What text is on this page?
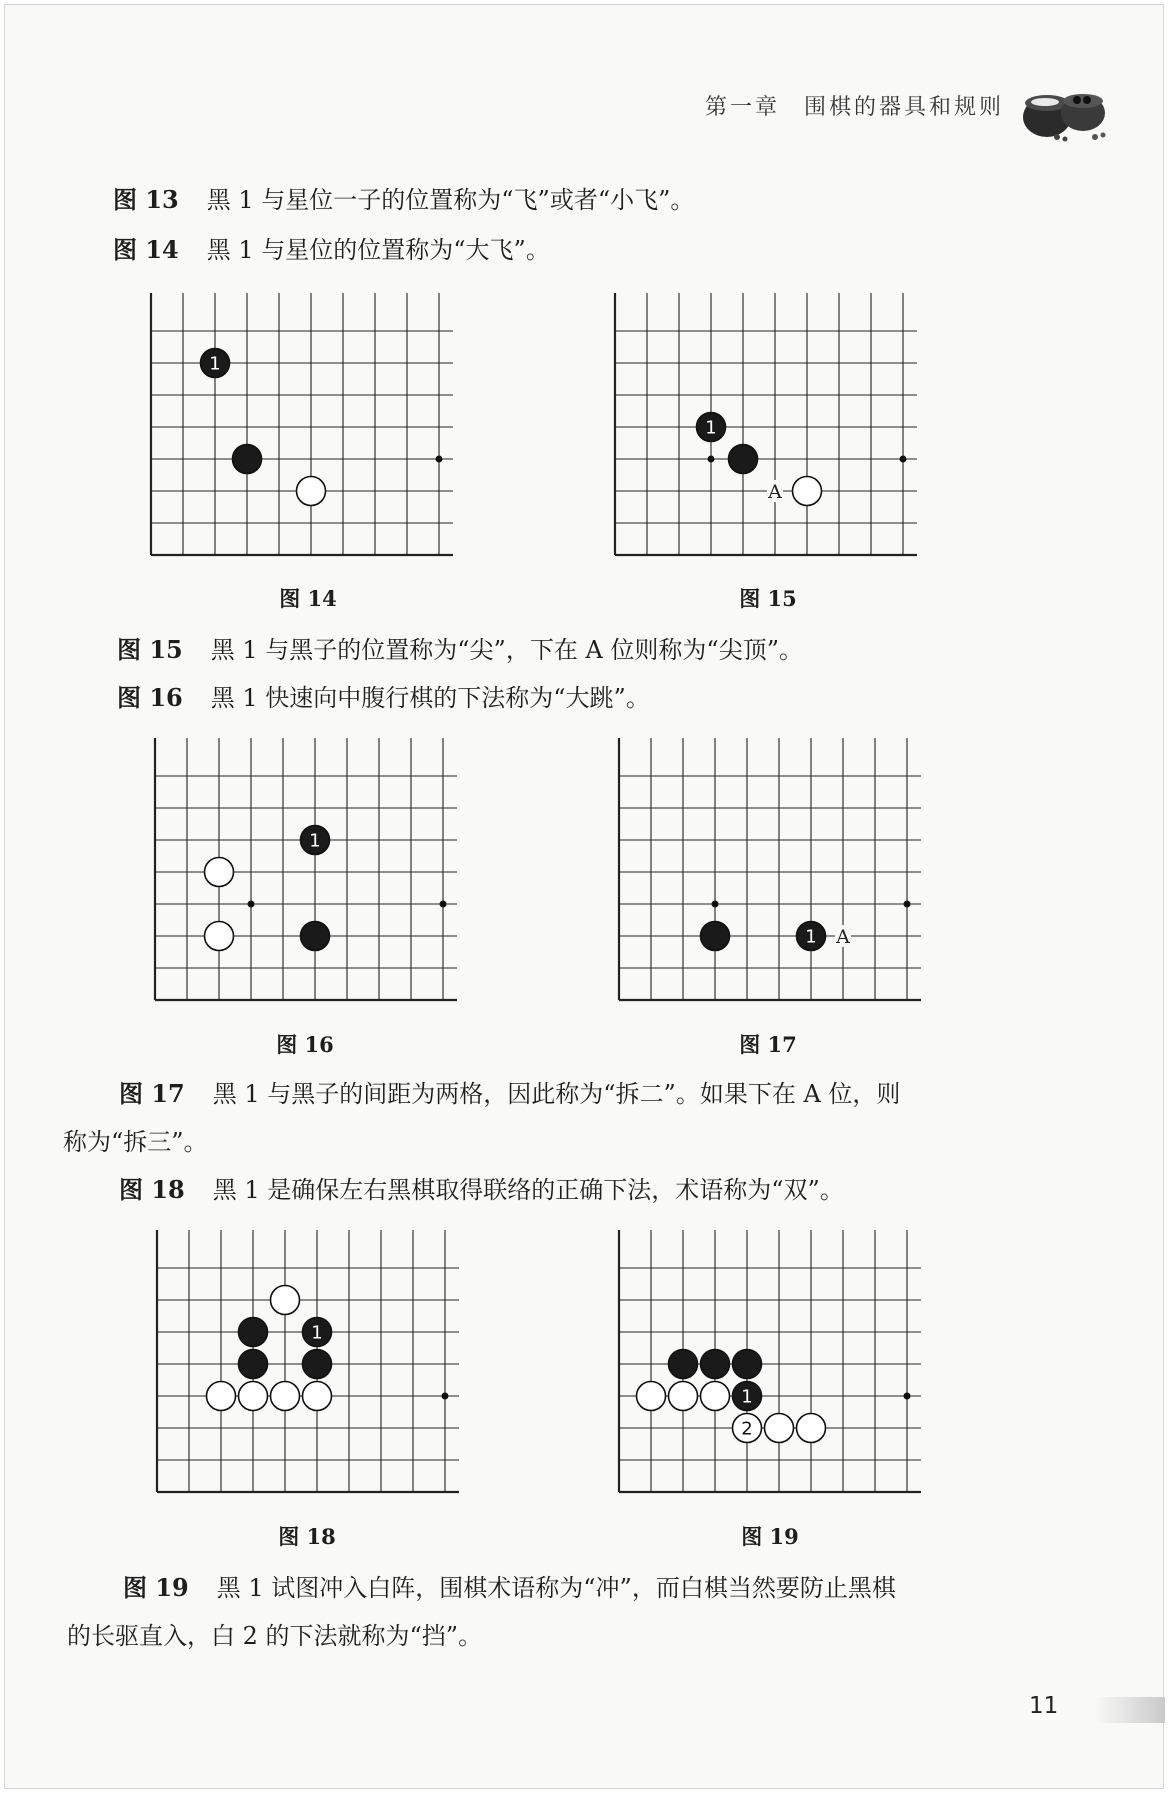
第一章 围棋的器具和规则
图 13 黑 1 与星位一子的位置称为“飞”或者“小飞”。
图 14 黑 1 与星位的位置称为“大飞”。
1
A
1
图 14	图 15
图 15 黑 1 与黑子的位置称为“尖”，下在 A 位则称为“尖顶”。
图 16 黑 1 快速向中腹行棋的下法称为“大跳”。
1
A
1
图 16	图 17
图 17 黑 1 与黑子的间距为两格，因此称为“拆二”。如果下在 A 位，则
称为“拆三”。
图 18 黑 1 是确保左右黑棋取得联络的正确下法，术语称为“双”。
1
1
2
图 18	图 19
图 19 黑 1 试图冲入白阵，围棋术语称为“冲”，而白棋当然要防止黑棋
的长驱直入，白 2 的下法就称为“挡”。
11
